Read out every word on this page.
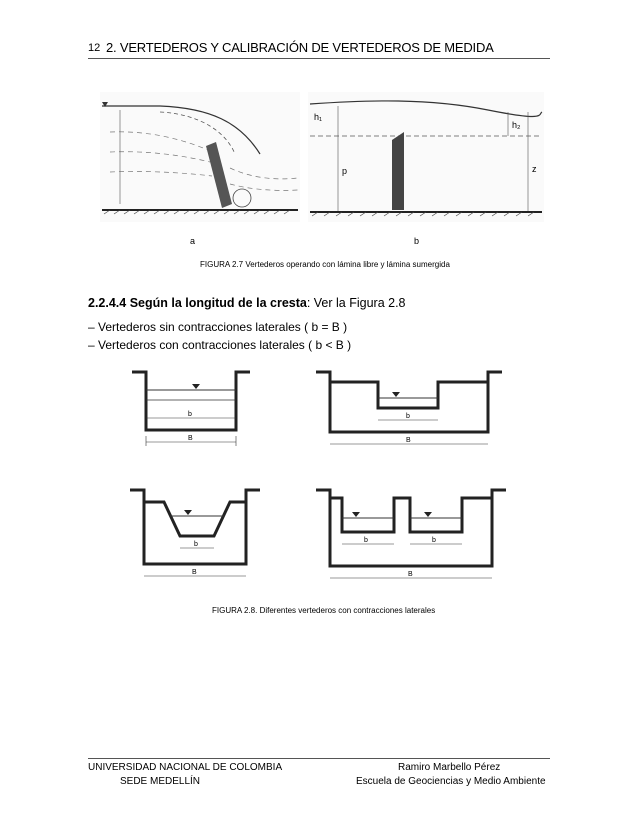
12 2. VERTEDEROS Y CALIBRACIÓN DE VERTEDEROS DE MEDIDA
h₁
h₂
p	z
a	b
FIGURA 2.7 Vertederos operando con lámina libre y lámina sumergida
2.2.4.4 Según la longitud de la cresta: Ver la Figura 2.8
– Vertederos sin contracciones laterales ( b = B )
– Vertederos con contracciones laterales ( b < B )
b
B
b
B
b
B
b	b
B
FIGURA 2.8. Diferentes vertederos con contracciones laterales
UNIVERSIDAD NACIONAL DE COLOMBIA
SEDE MEDELLÍN
Ramiro Marbello Pérez
Escuela de Geociencias y Medio Ambiente
